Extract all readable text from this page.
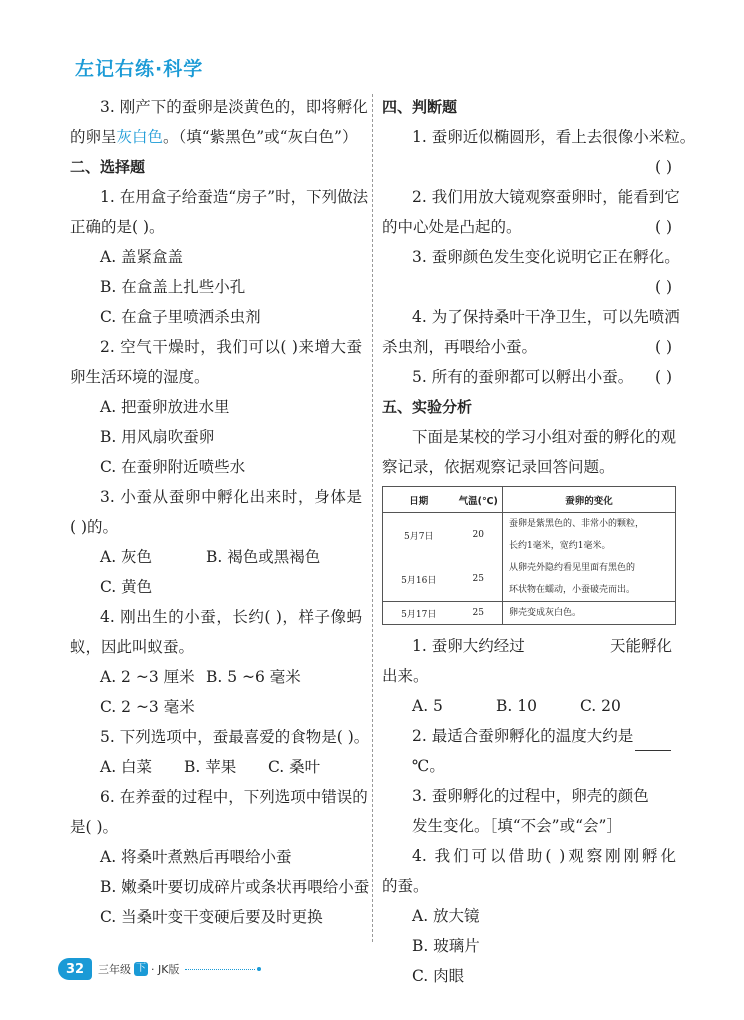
左记右练·科学
3. 刚产下的蚕卵是淡黄色的，即将孵化
的卵呈灰白色。（填“紫黑色”或“灰白色”）
二、选择题
1. 在用盒子给蚕造“房子”时，下列做法
正确的是( )。
A. 盖紧盒盖
B. 在盒盖上扎些小孔
C. 在盒子里喷洒杀虫剂
2. 空气干燥时，我们可以( )来增大蚕
卵生活环境的湿度。
A. 把蚕卵放进水里
B. 用风扇吹蚕卵
C. 在蚕卵附近喷些水
3. 小蚕从蚕卵中孵化出来时，身体是
( )的。
A. 灰色	B. 褐色或黑褐色
C. 黄色
4. 刚出生的小蚕，长约( )，样子像蚂
蚁，因此叫蚁蚕。
A. 2 ~3 厘米 B. 5 ~6 毫米
C. 2 ~3 毫米
5. 下列选项中，蚕最喜爱的食物是( )。
A. 白菜 B. 苹果 C. 桑叶
6. 在养蚕的过程中，下列选项中错误的
是( )。
A. 将桑叶煮熟后再喂给小蚕
B. 嫩桑叶要切成碎片或条状再喂给小蚕
C. 当桑叶变干变硬后要及时更换
四、判断题
1. 蚕卵近似椭圆形，看上去很像小米粒。
( )
2. 我们用放大镜观察蚕卵时，能看到它
的中心处是凸起的。	( )
3. 蚕卵颜色发生变化说明它正在孵化。
( )
4. 为了保持桑叶干净卫生，可以先喷洒
杀虫剂，再喂给小蚕。	( )
5. 所有的蚕卵都可以孵出小蚕。 ( )
五、实验分析
下面是某校的学习小组对蚕的孵化的观
察记录，依据观察记录回答问题。
日期	气温(℃)	蚕卵的变化
5月7日	20	蚕卵是紫黑色的、非常小的颗粒，
		长约1毫米，宽约1毫米。
5月16日	25	从卵壳外隐约看见里面有黑色的
		环状物在蠕动，小蚕破壳而出。
5月17日	25	卵壳变成灰白色。
1. 蚕卵大约经过	天能孵化
出来。
A. 5	B. 10	C. 20
2. 最适合蚕卵孵化的温度大约是
℃。
3. 蚕卵孵化的过程中，卵壳的颜色
发生变化。［填“不会”或“会”］
4. 我们可以借助( )观察刚刚孵化
的蚕。
A. 放大镜
B. 玻璃片
C. 肉眼
32	三年级 下 · JK版
